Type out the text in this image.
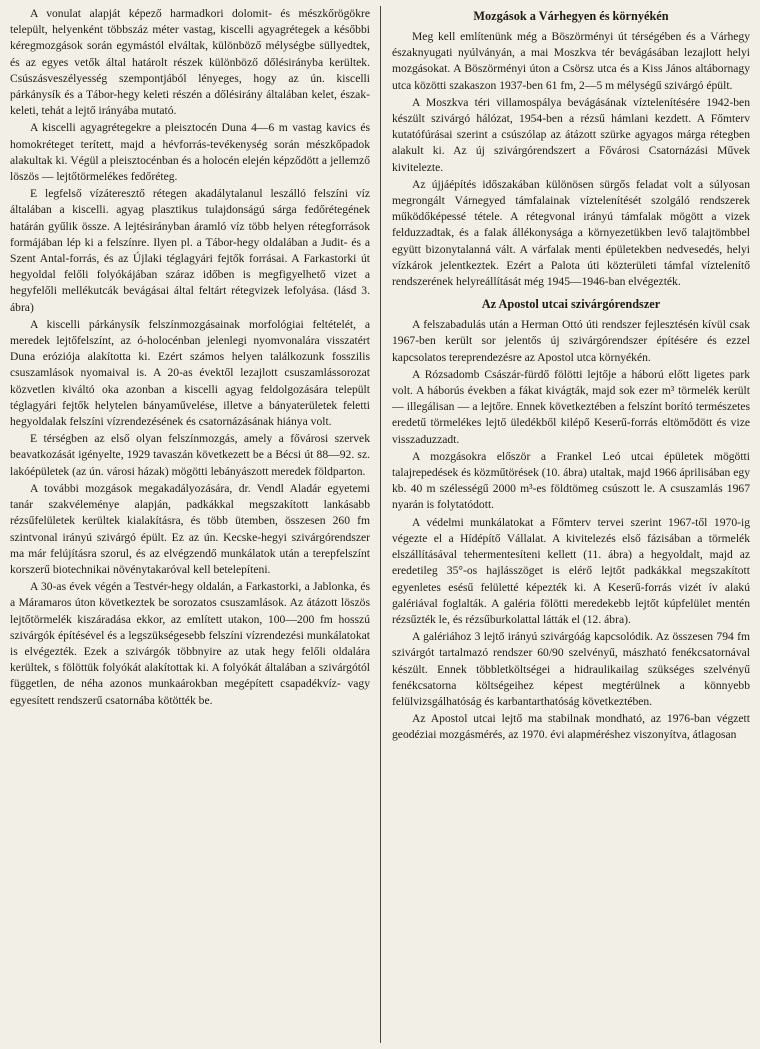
A vonulat alapját képező harmadkori dolomit- és mészkőrögökre települt, helyenként többszáz méter vastag, kiscelli agyagrétegek a későbbi kéregmozgások során egymástól elváltak, különböző mélységbe süllyedtek, és az egyes vetők által határolt részek különböző dőlésirányba kerültek. Csúszásveszélyesség szempontjából lényeges, hogy az ún. kiscelli párkánysík és a Tábor-hegy keleti részén a dőlésirány általában kelet, észak-keleti, tehát a lejtő irányába mutató.

A kiscelli agyagrétegekre a pleisztocén Duna 4—6 m vastag kavics és homokréteget terített, majd a hévforrás-tevékenység során mészkőpadok alakultak ki. Végül a pleisztocénban és a holocén elején képződött a jellemző löszös — lejtőtörmelékes fedőréteg.

E legfelső vízáteresztő rétegen akadálytalanul leszálló felszíni víz általában a kiscelli. agyag plasztikus tulajdonságú sárga fedőrétegének határán gyűlik össze. A lejtésirányban áramló víz több helyen rétegforrások formájában lép ki a felszínre. Ilyen pl. a Tábor-hegy oldalában a Judit- és a Szent Antal-forrás, és az Újlaki téglagyári fejtők forrásai. A Farkastorki út hegyoldal felőli folyókájában száraz időben is megfigyelhető vizet a hegyfelőli mellékutcák bevágásai által feltárt rétegvizek lefolyása. (lásd 3. ábra)

A kiscelli párkánysík felszínmozgásainak morfológiai feltételét, a meredek lejtőfelszínt, az ó-holocénban jelenlegi nyomvonalára visszatért Duna eróziója alakította ki. Ezért számos helyen találkozunk fosszilis csuszamlások nyomaival is. A 20-as évektől lezajlott csuszamlássorozat közvetlen kiváltó oka azonban a kiscelli agyag feldolgozására települt téglagyári fejtők helytelen bányaművelése, illetve a bányaterületek feletti hegyoldalak felszíni vízrendezésének és csatornázásának hiánya volt.

E térségben az első olyan felszínmozgás, amely a fővárosi szervek beavatkozását igényelte, 1929 tavaszán következett be a Bécsi út 88—92. sz. lakóépületek (az ún. városi házak) mögötti lebányászott meredek földparton.

A további mozgások megakadályozására, dr. Vendl Aladár egyetemi tanár szakvéleménye alapján, padkákkal megszakított lankásabb rézsűfelületek kerültek kialakításra, és több ütemben, összesen 260 fm szintvonal irányú szivárgó épült. Ez az ún. Kecske-hegyi szivárgórendszer ma már felújításra szorul, és az elvégzendő munkálatok után a terepfelszínt korszerű biotechnikai növénytakaróval kell betelepíteni.

A 30-as évek végén a Testvér-hegy oldalán, a Farkastorki, a Jablonka, és a Máramaros úton következtek be sorozatos csuszamlások. Az átázott löszös lejtőtörmelék kiszáradása ekkor, az említett utakon, 100—200 fm hosszú szivárgók építésével és a legszükségesebb felszíni vízrendezési munkálatokat is elvégezték. Ezek a szivárgók többnyire az utak hegy felőli oldalára kerültek, s fölöttük folyókát alakítottak ki. A folyókát általában a szivárgótól független, de néha azonos munkaárokban megépített csapadékvíz- vagy egyesített rendszerű csatornába kötötték be.

Mozgások a Várhegyen és környékén

Meg kell említenünk még a Böszörményi út térségében és a Várhegy északnyugati nyúlványán, a mai Moszkva tér bevágásában lezajlott helyi mozgásokat. A Böszörményi úton a Csörsz utca és a Kiss János altábornagy utca közötti szakaszon 1937-ben 61 fm, 2—5 m mélységű szivárgó épült.

A Moszkva téri villamospálya bevágásának víztelenítésére 1942-ben készült szivárgó hálózat, 1954-ben a rézsű hámlani kezdett. A Főmterv kutatófúrásai szerint a csúszólap az átázott szürke agyagos márga rétegben alakult ki. Az új szivárgórendszert a Fővárosi Csatornázási Művek kivitelezte.

Az újjáépítés időszakában különösen sürgős feladat volt a súlyosan megrongált Várnegyed támfalainak víztelenítését szolgáló rendszerek működőképessé tétele. A rétegvonal irányú támfalak mögött a vizek felduzzadtak, és a falak állékonysága a környezetükben levő talajtömbbel együtt bizonytalanná vált. A várfalak menti épületekben nedvesedés, helyi vízkárok jelentkeztek. Ezért a Palota úti közterületi támfal víztelenítő rendszerének helyreállítását még 1945—1946-ban elvégezték.

Az Apostol utcai szivárgórendszer

A felszabadulás után a Herman Ottó úti rendszer fejlesztésén kívül csak 1967-ben került sor jelentős új szivárgórendszer építésére és ezzel kapcsolatos tereprendezésre az Apostol utca környékén.

A Rózsadomb Császár-fürdő fölötti lejtője a háború előtt ligetes park volt. A háborús években a fákat kivágták, majd sok ezer m³ törmelék került — illegálisan — a lejtőre. Ennek következtében a felszínt borító természetes eredetű törmelékes lejtő üledékből kilépő Keserű-forrás eltömődött és vize visszaduzzadt.

A mozgásokra először a Frankel Leó utcai épületek mögötti talajrepedések és közműtörések (10. ábra) utaltak, majd 1966 áprilisában egy kb. 40 m szélességű 2000 m³-es földtömeg csúszott le. A csuszamlás 1967 nyarán is folytatódott.

A védelmi munkálatokat a Főmterv tervei szerint 1967-től 1970-ig végezte el a Hídépítő Vállalat. A kivitelezés első fázisában a törmelék elszállításával tehermentesíteni kellett (11. ábra) a hegyoldalt, majd az eredetileg 35°-os hajlásszöget is elérő lejtőt padkákkal megszakított egyenletes esésű felületté képezték ki. A Keserű-forrás vizét ív alakú galériával foglalták. A galéria fölötti meredekebb lejtőt kúpfelület mentén rézsűzték le, és rézsűburkolattal látták el (12. ábra).

A galériához 3 lejtő irányú szivárgóág kapcsolódik. Az összesen 794 fm szivárgót tartalmazó rendszer 60/90 szelvényű, mászható fenékcsatornával készült. Ennek többletköltségei a hidraulikailag szükséges szelvényű fenékcsatorna költségeihez képest megtérülnek a könnyebb felülvizsgálhatóság és karbantarthatóság következtében.

Az Apostol utcai lejtő ma stabilnak mondható, az 1976-ban végzett geodéziai mozgásmérés, az 1970. évi alapméréshez viszonyítva, átlagosan
